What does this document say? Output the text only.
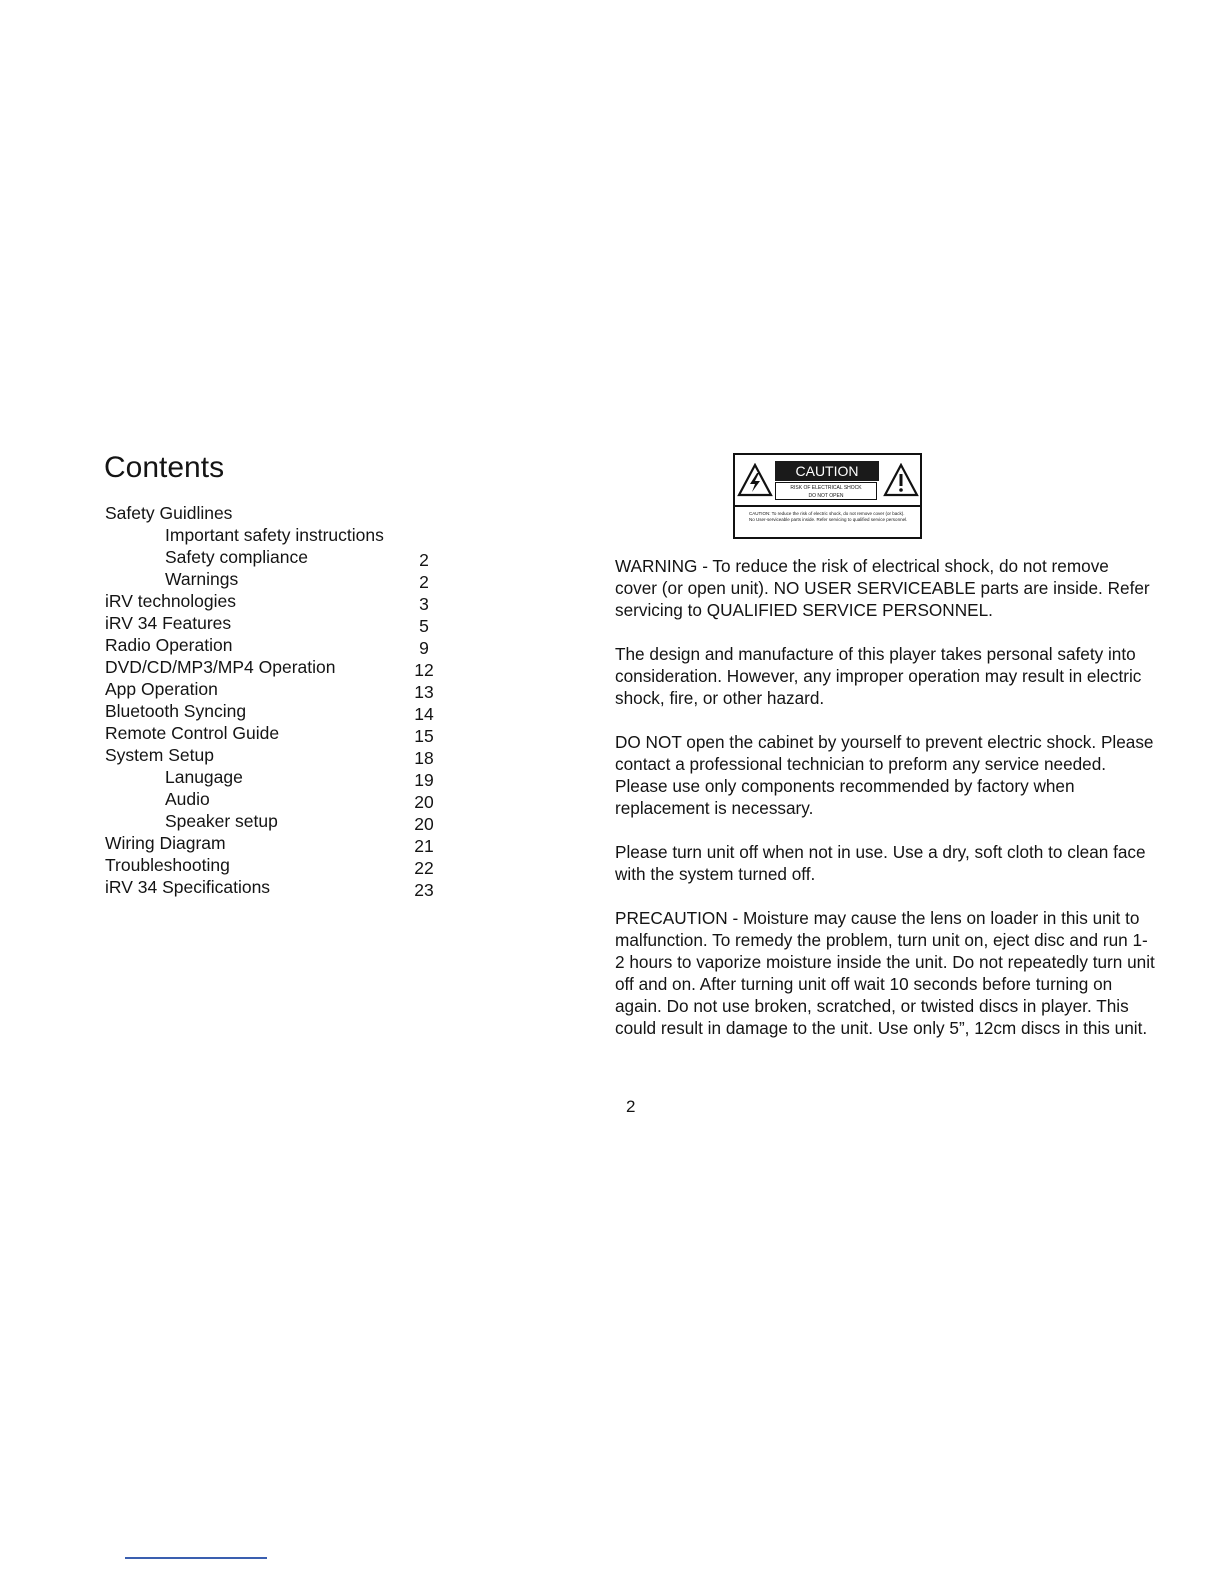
Contents
Safety Guidlines
Important safety instructions
Safety compliance	2
Warnings	2
iRV technologies	3
iRV 34 Features	5
Radio Operation	9
DVD/CD/MP3/MP4 Operation	12
App Operation	13
Bluetooth Syncing	14
Remote Control Guide	15
System Setup	18
Lanugage	19
Audio	20
Speaker setup	20
Wiring Diagram	21
Troubleshooting	22
iRV 34 Specifications	23
CAUTION
RISK OF ELECTRICAL SHOCK
DO NOT OPEN
CAUTION: To reduce the risk of electric shock, do not remove cover (or back). No User-serviceable parts inside. Refer servicing to qualified service personnel.

WARNING - To reduce the risk of electrical shock, do not remove cover (or open unit). NO USER SERVICEABLE parts are inside. Refer servicing to QUALIFIED SERVICE PERSONNEL.

The design and manufacture of this player takes personal safety into consideration. However, any improper operation may result in electric shock, fire, or other hazard.

DO NOT open the cabinet by yourself to prevent electric shock. Please contact a professional technician to preform any service needed. Please use only components recommended by factory when replacement is necessary.

Please turn unit off when not in use. Use a dry, soft cloth to clean face with the system turned off.

PRECAUTION - Moisture may cause the lens on loader in this unit to malfunction. To remedy the problem, turn unit on, eject disc and run 1-2 hours to vaporize moisture inside the unit. Do not repeatedly turn unit off and on. After turning unit off wait 10 seconds before turning on again. Do not use broken, scratched, or twisted discs in player. This could result in damage to the unit. Use only 5”, 12cm discs in this unit.

2
